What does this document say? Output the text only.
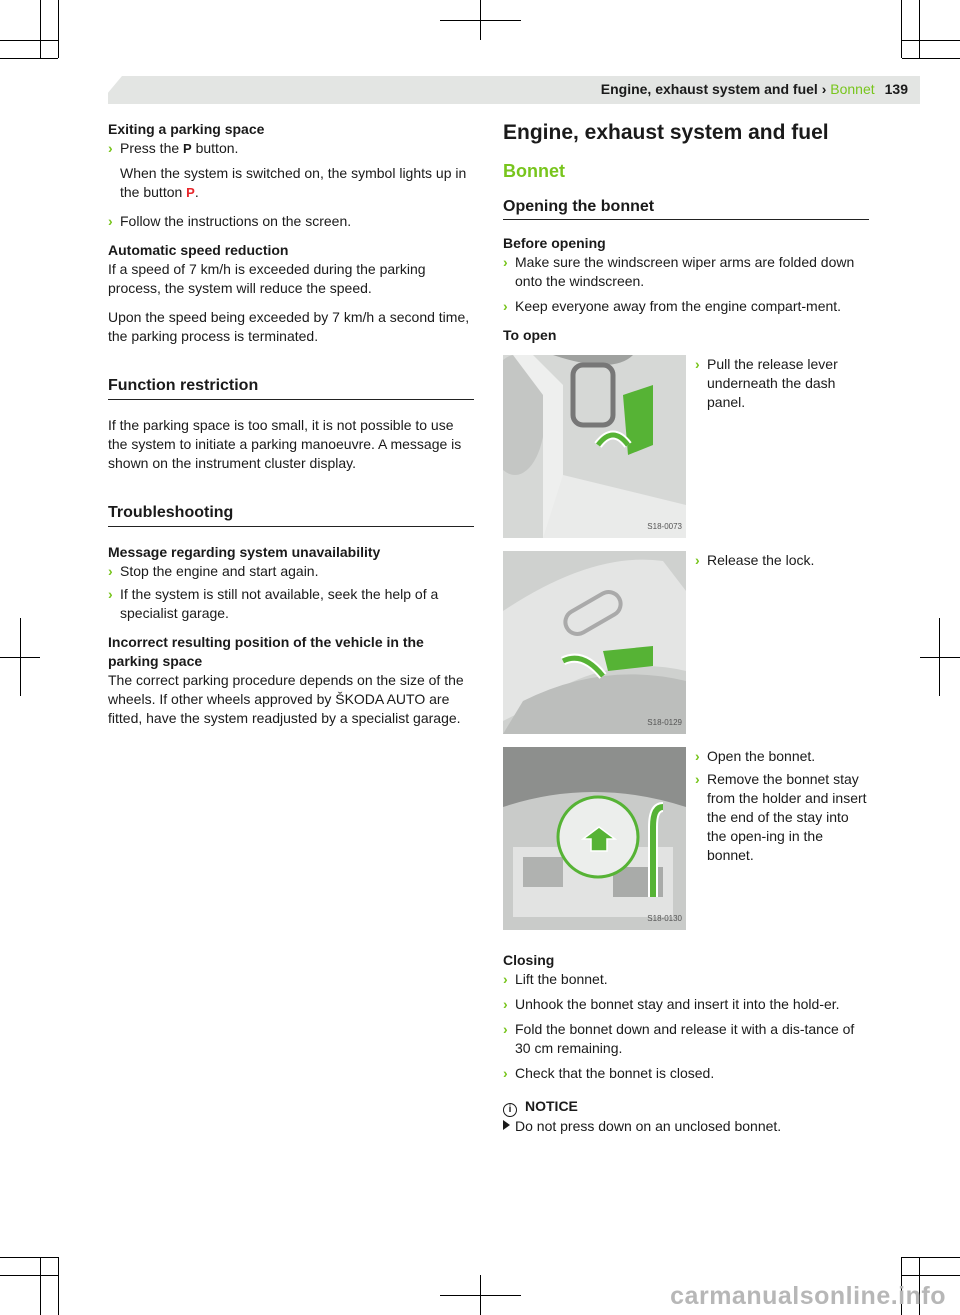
Engine, exhaust system and fuel › Bonnet 139
Exiting a parking space
› Press the P button.

When the system is switched on, the symbol lights up in the button P.

› Follow the instructions on the screen.
Automatic speed reduction

If a speed of 7 km/h is exceeded during the parking process, the system will reduce the speed.

Upon the speed being exceeded by 7 km/h a second time, the parking process is terminated.

Function restriction

If the parking space is too small, it is not possible to use the system to initiate a parking manoeuvre. A message is shown on the instrument cluster display.

Troubleshooting
Message regarding system unavailability
› Stop the engine and start again.
› If the system is still not available, seek the help of a specialist garage.
Incorrect resulting position of the vehicle in the parking space

The correct parking procedure depends on the size of the wheels. If other wheels approved by ŠKODA AUTO are fitted, have the system readjusted by a specialist garage.

Engine, exhaust system and fuel
Bonnet
Opening the bonnet
Before opening
› Make sure the windscreen wiper arms are folded down onto the windscreen.
› Keep everyone away from the engine compart-ment.
To open
S18-0073
› Pull the release lever underneath the dash panel.
S18-0129
› Release the lock.
S18-0130
› Open the bonnet.
› Remove the bonnet stay from the holder and insert the end of the stay into the open-ing in the bonnet.
Closing
› Lift the bonnet.
› Unhook the bonnet stay and insert it into the hold-er.
› Fold the bonnet down and release it with a dis-tance of 30 cm remaining.
› Check that the bonnet is closed.
i NOTICE
Do not press down on an unclosed bonnet.
carmanualsonline.info
